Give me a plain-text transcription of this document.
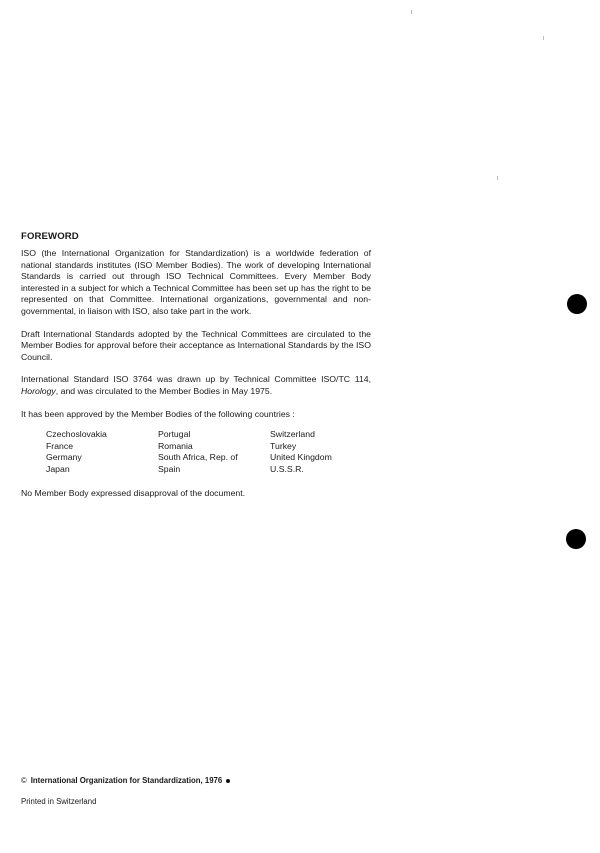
FOREWORD

ISO (the International Organization for Standardization) is a worldwide federation of national standards institutes (ISO Member Bodies). The work of developing International Standards is carried out through ISO Technical Committees. Every Member Body interested in a subject for which a Technical Committee has been set up has the right to be represented on that Committee. International organizations, governmental and non-governmental, in liaison with ISO, also take part in the work.

Draft International Standards adopted by the Technical Committees are circulated to the Member Bodies for approval before their acceptance as International Standards by the ISO Council.

International Standard ISO 3764 was drawn up by Technical Committee ISO/TC 114, Horology, and was circulated to the Member Bodies in May 1975.

It has been approved by the Member Bodies of the following countries :

Czechoslovakia
France
Germany
Japan
Portugal
Romania
South Africa, Rep. of
Spain
Switzerland
Turkey
United Kingdom
U.S.S.R.

No Member Body expressed disapproval of the document.

© International Organization for Standardization, 1976
Printed in Switzerland
